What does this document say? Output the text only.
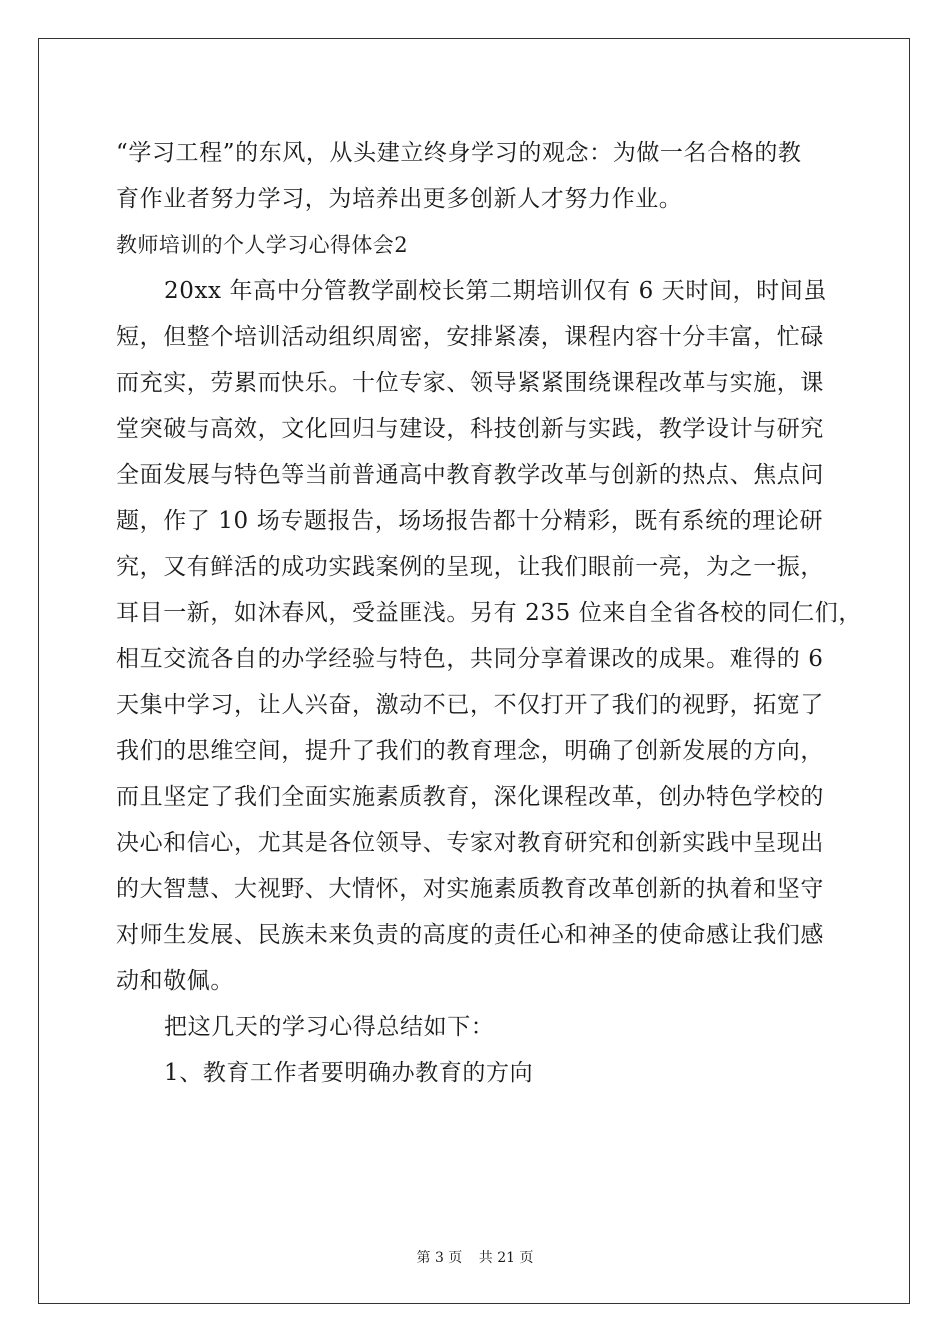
“学习工程”的东风，从头建立终身学习的观念：为做一名合格的教
育作业者努力学习，为培养出更多创新人才努力作业。
教师培训的个人学习心得体会2
20xx 年高中分管教学副校长第二期培训仅有 6 天时间，时间虽
短，但整个培训活动组织周密，安排紧凑，课程内容十分丰富，忙碌
而充实，劳累而快乐。十位专家、领导紧紧围绕课程改革与实施，课
堂突破与高效，文化回归与建设，科技创新与实践，教学设计与研究
全面发展与特色等当前普通高中教育教学改革与创新的热点、焦点问
题，作了 10 场专题报告，场场报告都十分精彩，既有系统的理论研
究，又有鲜活的成功实践案例的呈现，让我们眼前一亮，为之一振，
耳目一新，如沐春风，受益匪浅。另有 235 位来自全省各校的同仁们，
相互交流各自的办学经验与特色，共同分享着课改的成果。难得的 6
天集中学习，让人兴奋，激动不已，不仅打开了我们的视野，拓宽了
我们的思维空间，提升了我们的教育理念，明确了创新发展的方向，
而且坚定了我们全面实施素质教育，深化课程改革，创办特色学校的
决心和信心，尤其是各位领导、专家对教育研究和创新实践中呈现出
的大智慧、大视野、大情怀，对实施素质教育改革创新的执着和坚守
对师生发展、民族未来负责的高度的责任心和神圣的使命感让我们感
动和敬佩。
把这几天的学习心得总结如下：
1、教育工作者要明确办教育的方向
第 3 页 共 21 页
